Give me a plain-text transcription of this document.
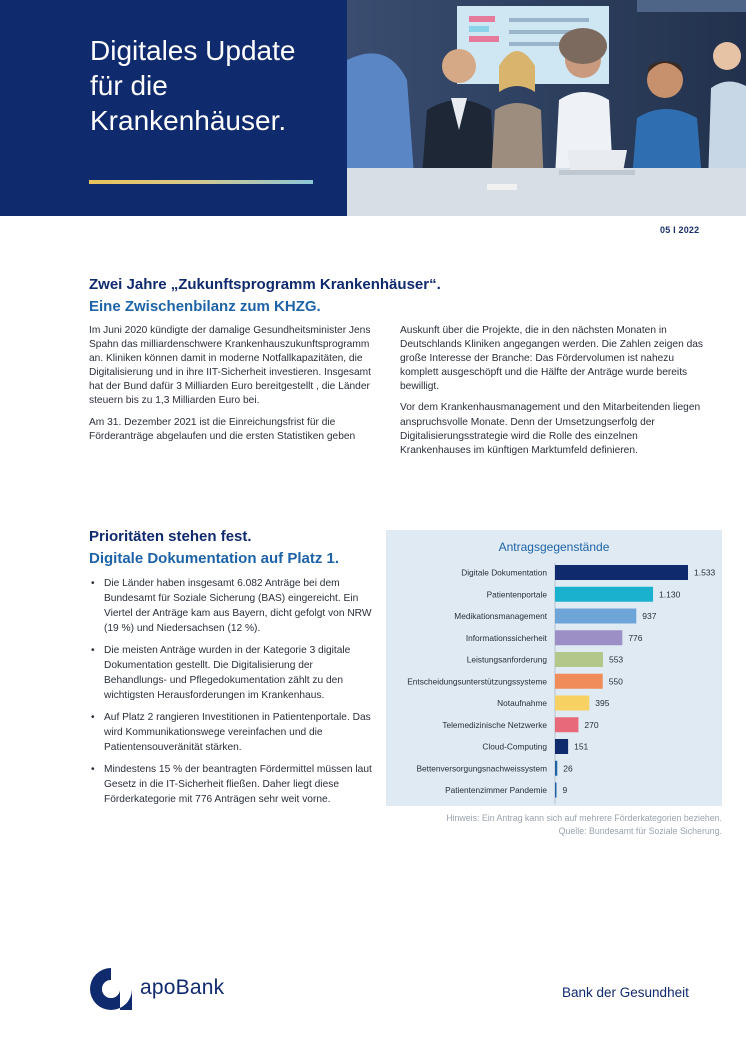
Digitales Update
für die
Krankenhäuser.
05 I 2022
Zwei Jahre „Zukunftsprogramm Krankenhäuser“.
Eine Zwischenbilanz zum KHZG.

Im Juni 2020 kündigte der damalige Gesundheitsminister Jens Spahn das milliardenschwere Krankenhauszukunftsprogramm an. Kliniken können damit in moderne Notfallkapazitäten, die Digitalisierung und in ihre IIT-Sicherheit investieren. Insgesamt hat der Bund dafür 3 Milliarden Euro bereitgestellt , die Länder steuern bis zu 1,3 Milliarden Euro bei.

Am 31. Dezember 2021 ist die Einreichungsfrist für die Förderanträge abgelaufen und die ersten Statistiken geben

Auskunft über die Projekte, die in den nächsten Monaten in Deutschlands Kliniken angegangen werden. Die Zahlen zeigen das große Interesse der Branche: Das Fördervolumen ist nahezu komplett ausgeschöpft und die Hälfte der Anträge wurde bereits bewilligt.

Vor dem Krankenhausmanagement und den Mitarbeitenden liegen anspruchsvolle Monate. Denn der Umsetzungserfolg der Digitalisierungsstrategie wird die Rolle des einzelnen Krankenhauses im künftigen Marktumfeld definieren.

Prioritäten stehen fest.
Digitale Dokumentation auf Platz 1.
• Die Länder haben insgesamt 6.082 Anträge bei dem Bundesamt für Soziale Sicherung (BAS) eingereicht. Ein Viertel der Anträge kam aus Bayern, dicht gefolgt von NRW (19 %) und Niedersachsen (12 %).
• Die meisten Anträge wurden in der Kategorie 3 digitale Dokumentation gestellt. Die Digitalisierung der Behandlungs- und Pflegedokumentation zählt zu den wichtigsten Herausforderungen im Krankenhaus.
• Auf Platz 2 rangieren Investitionen in Patientenportale. Das wird Kommunikationswege vereinfachen und die Patientensouveränität stärken.
• Mindestens 15 % der beantragten Fördermittel müssen laut Gesetz in die IT-Sicherheit fließen. Daher liegt diese Förderkategorie mit 776 Anträgen sehr weit vorne.
Digitale Dokumentation	1.533
Patientenportale	1.130
Medikationsmanagement	937
Informationssicherheit	776
Leistungsanforderung	553
Entscheidungsunterstützungssysteme	550
Notaufnahme	395
Telemedizinische Netzwerke	270
Cloud-Computing	151
Bettenversorgungsnachweissystem 26
Patientenzimmer Pandemie 9
Antragsgegenstände
Hinweis: Ein Antrag kann sich auf mehrere Förderkategorien beziehen.
Quelle: Bundesamt für Soziale Sicherung.
apoBank	Bank der Gesundheit
